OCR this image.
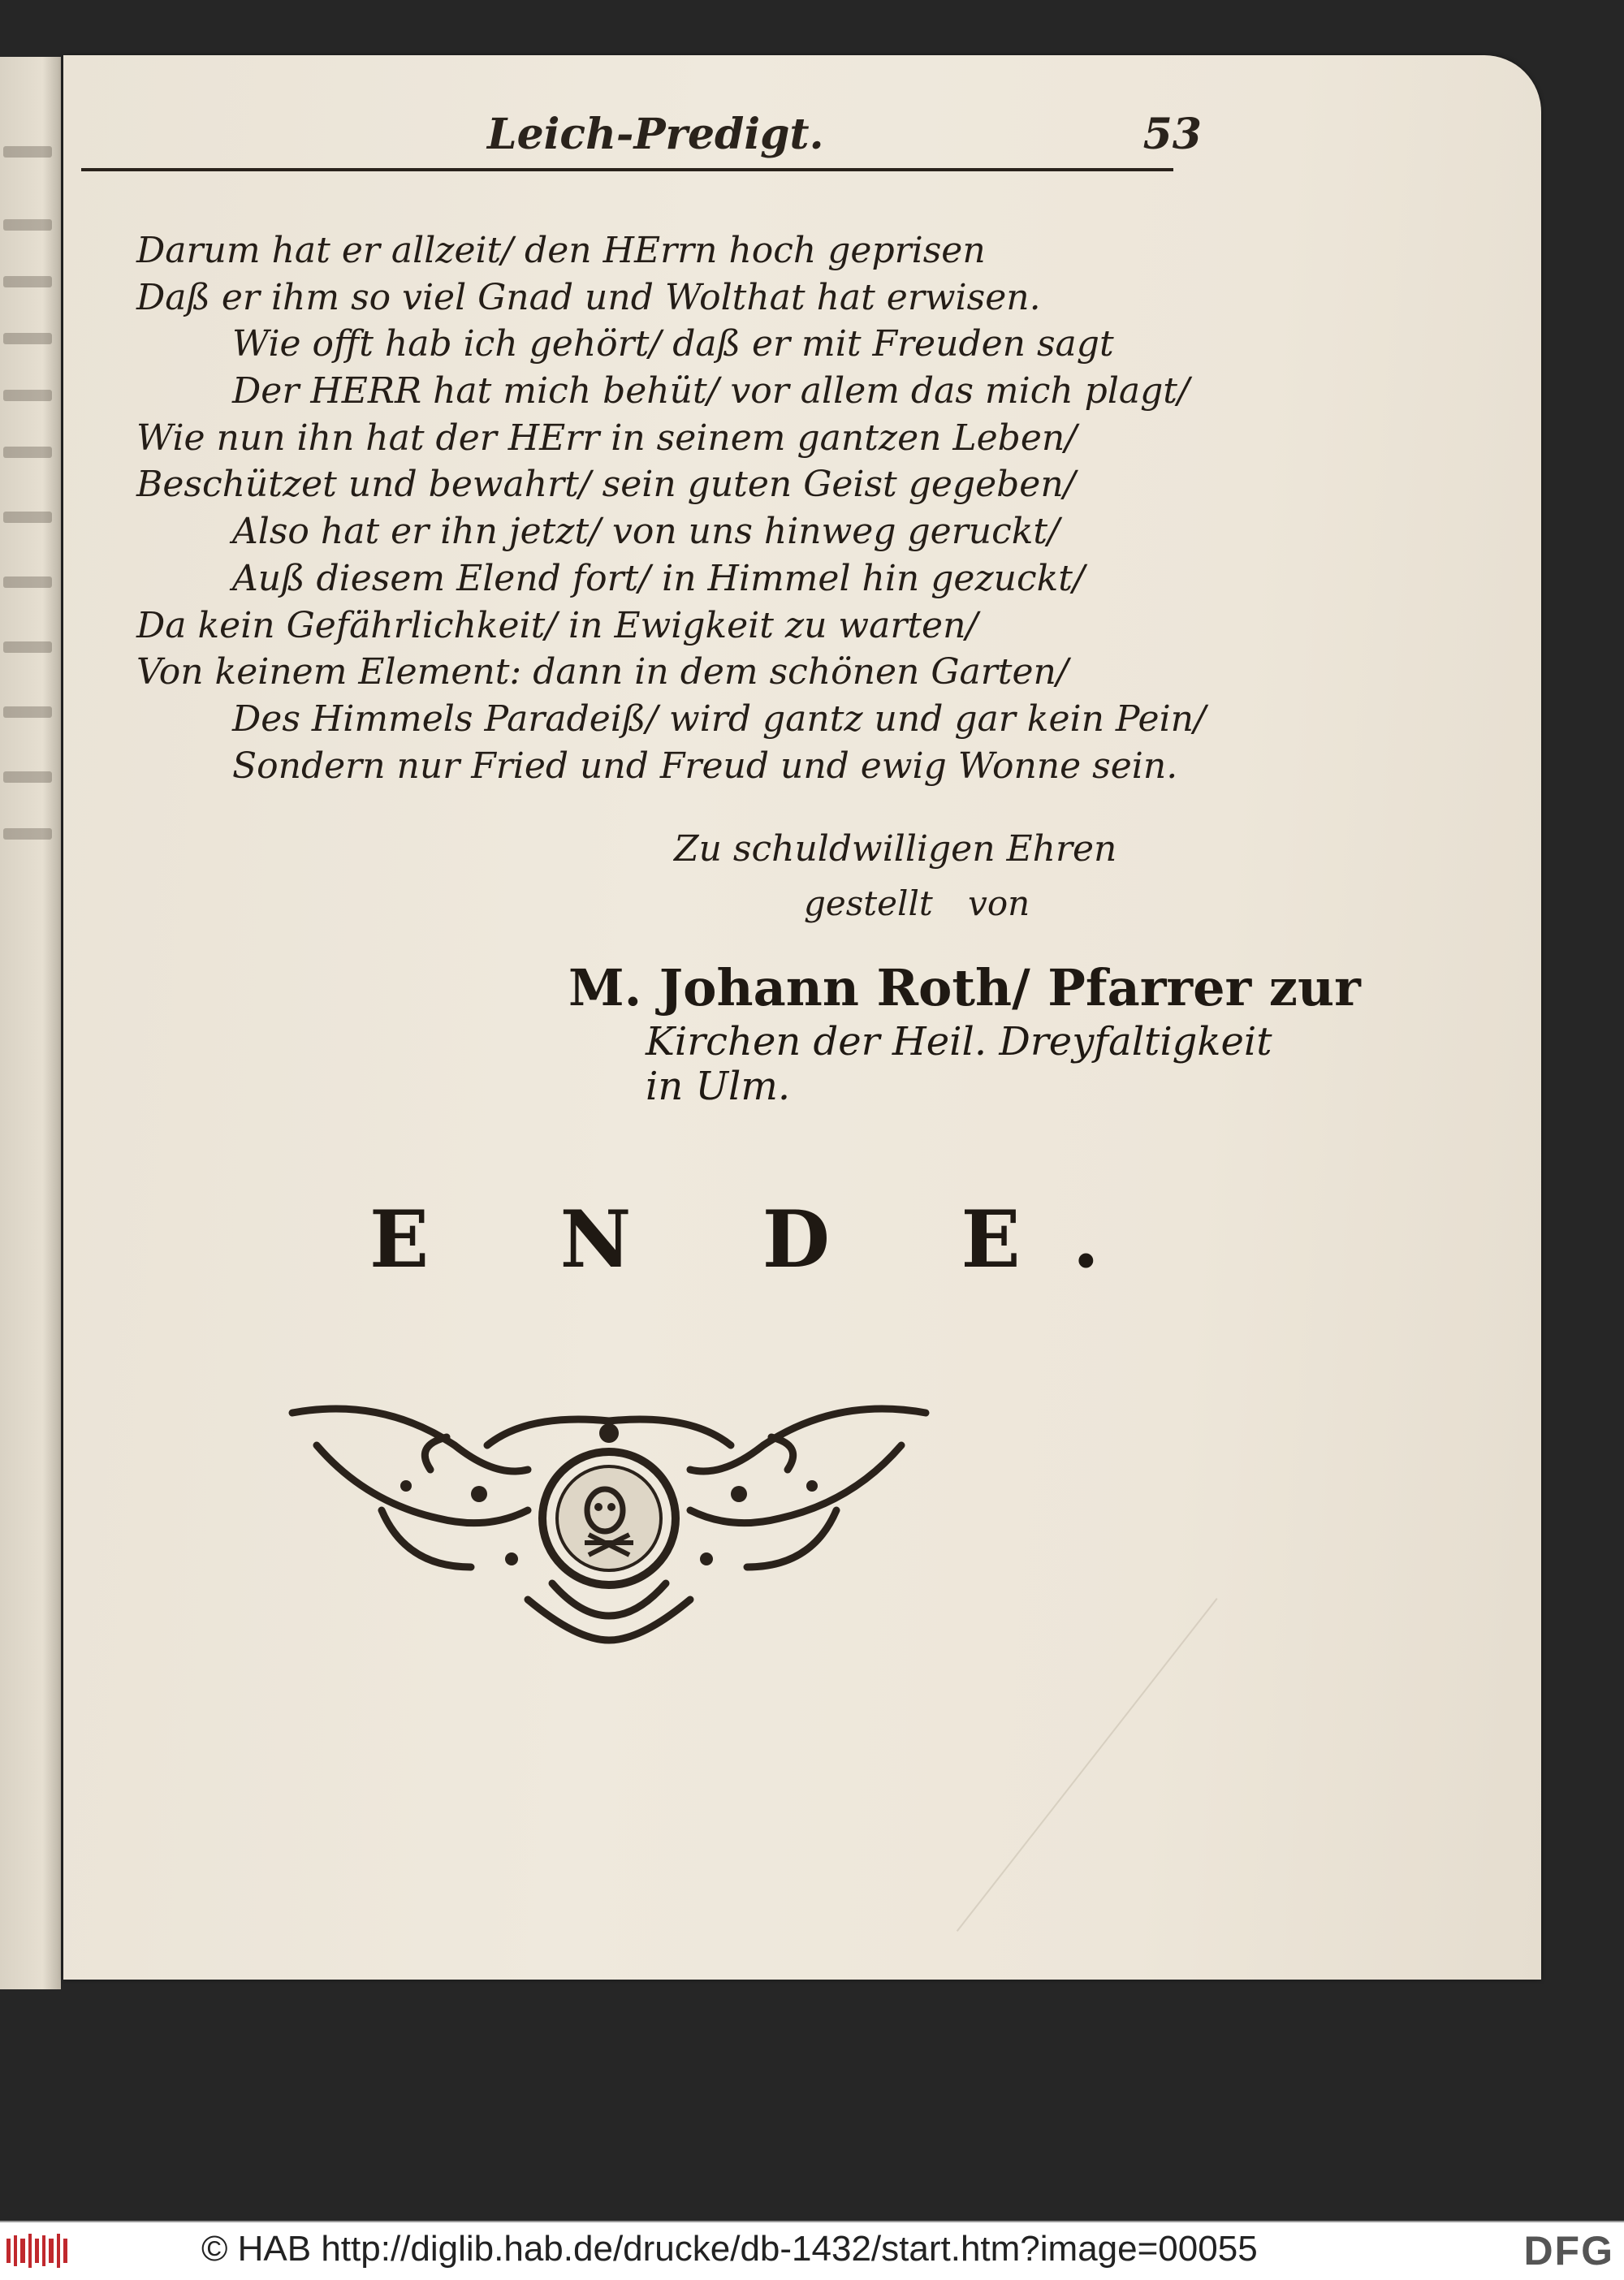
Leich-Predigt.	53
Darum hat er allzeit/ den HErrn hoch geprisen
Daß er ihm so viel Gnad und Wolthat hat erwisen.
Wie offt hab ich gehört/ daß er mit Freuden sagt
Der HERR hat mich behüt/ vor allem das mich plagt/
Wie nun ihn hat der HErr in seinem gantzen Leben/
Beschützet und bewahrt/ sein guten Geist gegeben/
Also hat er ihn jetzt/ von uns hinweg geruckt/
Auß diesem Elend fort/ in Himmel hin gezuckt/
Da kein Gefährlichkeit/ in Ewigkeit zu warten/
Von keinem Element: dann in dem schönen Garten/
Des Himmels Paradeiß/ wird gantz und gar kein Pein/
Sondern nur Fried und Freud und ewig Wonne sein.
Zu schuldwilligen Ehren
gestellt von
M. Johann Roth/ Pfarrer zur
Kirchen der Heil. Dreyfaltigkeit
in Ulm.
E N D E.
© HAB http://diglib.hab.de/drucke/db-1432/start.htm?image=00055	DFG
